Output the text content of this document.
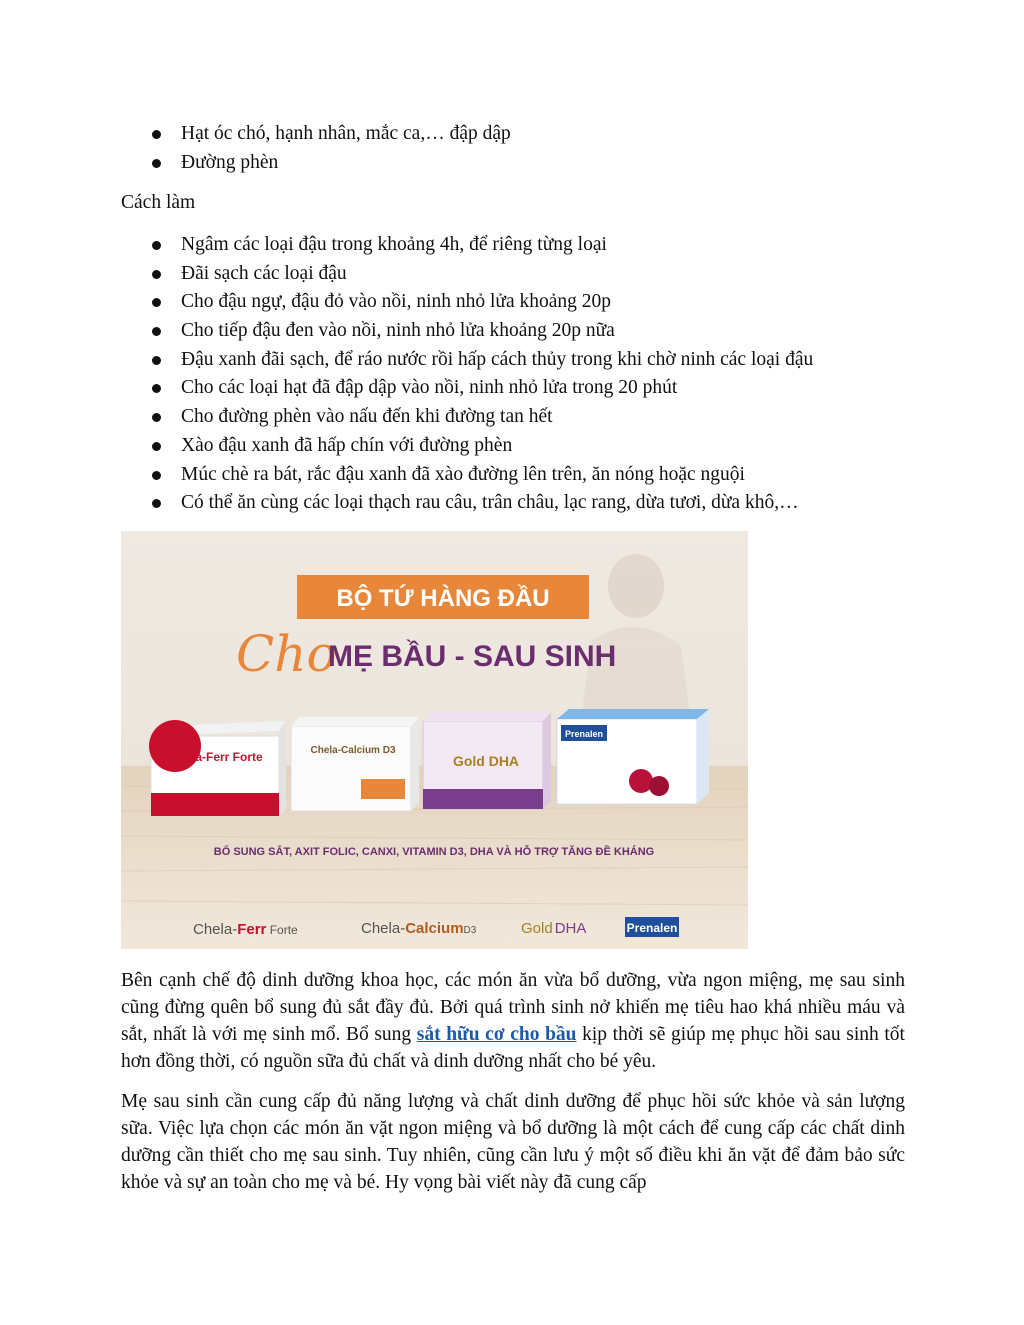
Hạt óc chó, hạnh nhân, mắc ca,… đập dập
Đường phèn
Cách làm
Ngâm các loại đậu trong khoảng 4h, để riêng từng loại
Đãi sạch các loại đậu
Cho đậu ngự, đậu đỏ vào nồi, ninh nhỏ lửa khoảng 20p
Cho tiếp đậu đen vào nồi, ninh nhỏ lửa khoảng 20p nữa
Đậu xanh đãi sạch, để ráo nước rồi hấp cách thủy trong khi chờ ninh các loại đậu
Cho các loại hạt đã đập dập vào nồi, ninh nhỏ lửa trong 20 phút
Cho đường phèn vào nấu đến khi đường tan hết
Xào đậu xanh đã hấp chín với đường phèn
Múc chè ra bát, rắc đậu xanh đã xào đường lên trên, ăn nóng hoặc nguội
Có thể ăn cùng các loại thạch rau câu, trân châu, lạc rang, dừa tươi, dừa khô,…
BỘ TỨ HÀNG ĐẦU
Cho
MẸ BẦU - SAU SINH
Chela-Ferr Forte	Chela-Calcium D3
Gold DHA
Prenalen
BỔ SUNG SẮT, AXIT FOLIC, CANXI, VITAMIN D3, DHA VÀ HỖ TRỢ TĂNG ĐỀ KHÁNG
Chela-Ferr Forte	Chela-CalciumD3	Gold DHA	Prenalen

Bên cạnh chế độ dinh dưỡng khoa học, các món ăn vừa bổ dưỡng, vừa ngon miệng, mẹ sau sinh cũng đừng quên bổ sung đủ sắt đầy đủ. Bởi quá trình sinh nở khiến mẹ tiêu hao khá nhiều máu và sắt, nhất là với mẹ sinh mổ. Bổ sung sắt hữu cơ cho bầu kịp thời sẽ giúp mẹ phục hồi sau sinh tốt hơn đồng thời, có nguồn sữa đủ chất và dinh dưỡng nhất cho bé yêu.

Mẹ sau sinh cần cung cấp đủ năng lượng và chất dinh dưỡng để phục hồi sức khỏe và sản lượng sữa. Việc lựa chọn các món ăn vặt ngon miệng và bổ dưỡng là một cách để cung cấp các chất dinh dưỡng cần thiết cho mẹ sau sinh. Tuy nhiên, cũng cần lưu ý một số điều khi ăn vặt để đảm bảo sức khỏe và sự an toàn cho mẹ và bé. Hy vọng bài viết này đã cung cấp
